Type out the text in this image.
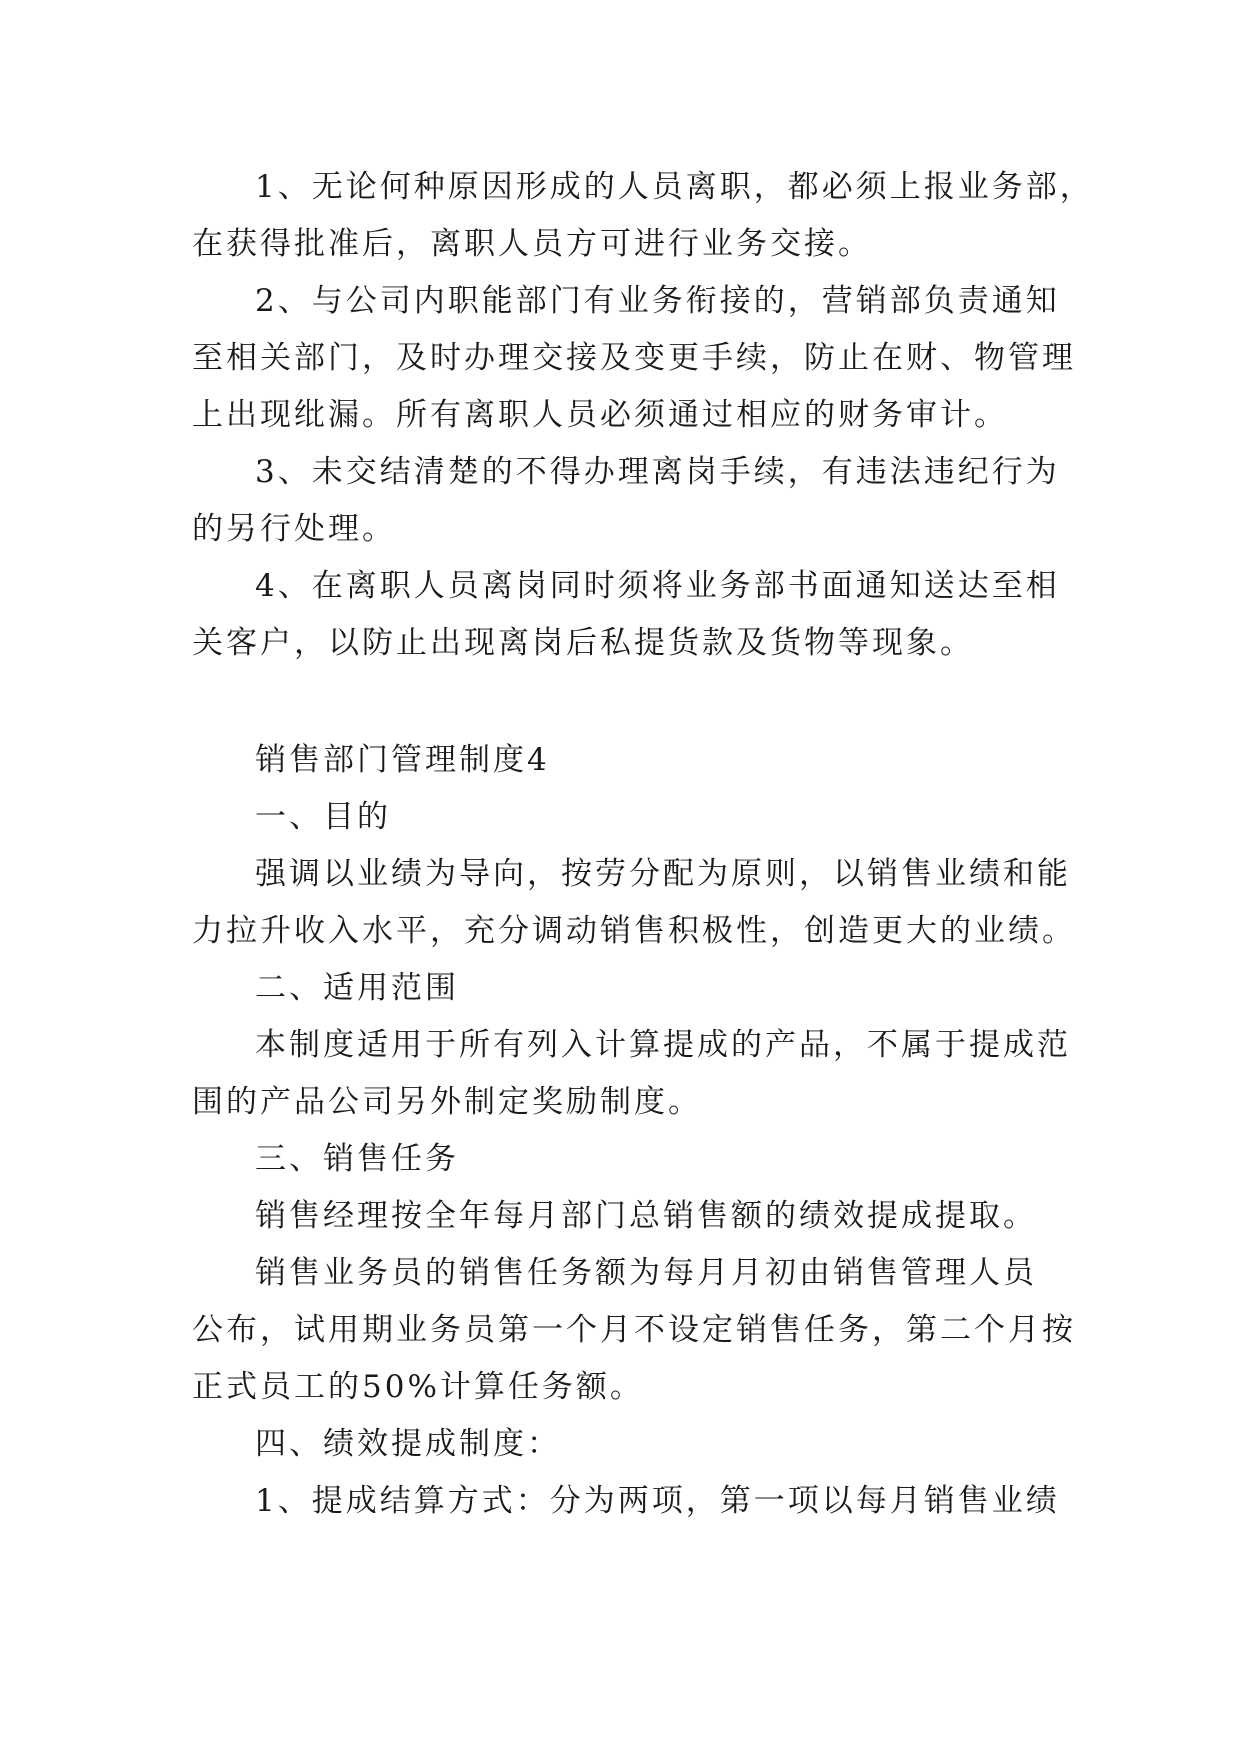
1、无论何种原因形成的人员离职，都必须上报业务部，
在获得批准后，离职人员方可进行业务交接。
2、与公司内职能部门有业务衔接的，营销部负责通知
至相关部门，及时办理交接及变更手续，防止在财、物管理
上出现纰漏。所有离职人员必须通过相应的财务审计。
3、未交结清楚的不得办理离岗手续，有违法违纪行为
的另行处理。
4、在离职人员离岗同时须将业务部书面通知送达至相
关客户，以防止出现离岗后私提货款及货物等现象。
销售部门管理制度4
一、目的
强调以业绩为导向，按劳分配为原则，以销售业绩和能
力拉升收入水平，充分调动销售积极性，创造更大的业绩。
二、适用范围
本制度适用于所有列入计算提成的产品，不属于提成范
围的产品公司另外制定奖励制度。
三、销售任务
销售经理按全年每月部门总销售额的绩效提成提取。
销售业务员的销售任务额为每月月初由销售管理人员
公布，试用期业务员第一个月不设定销售任务，第二个月按
正式员工的50%计算任务额。
四、绩效提成制度：
1、提成结算方式：分为两项，第一项以每月销售业绩
